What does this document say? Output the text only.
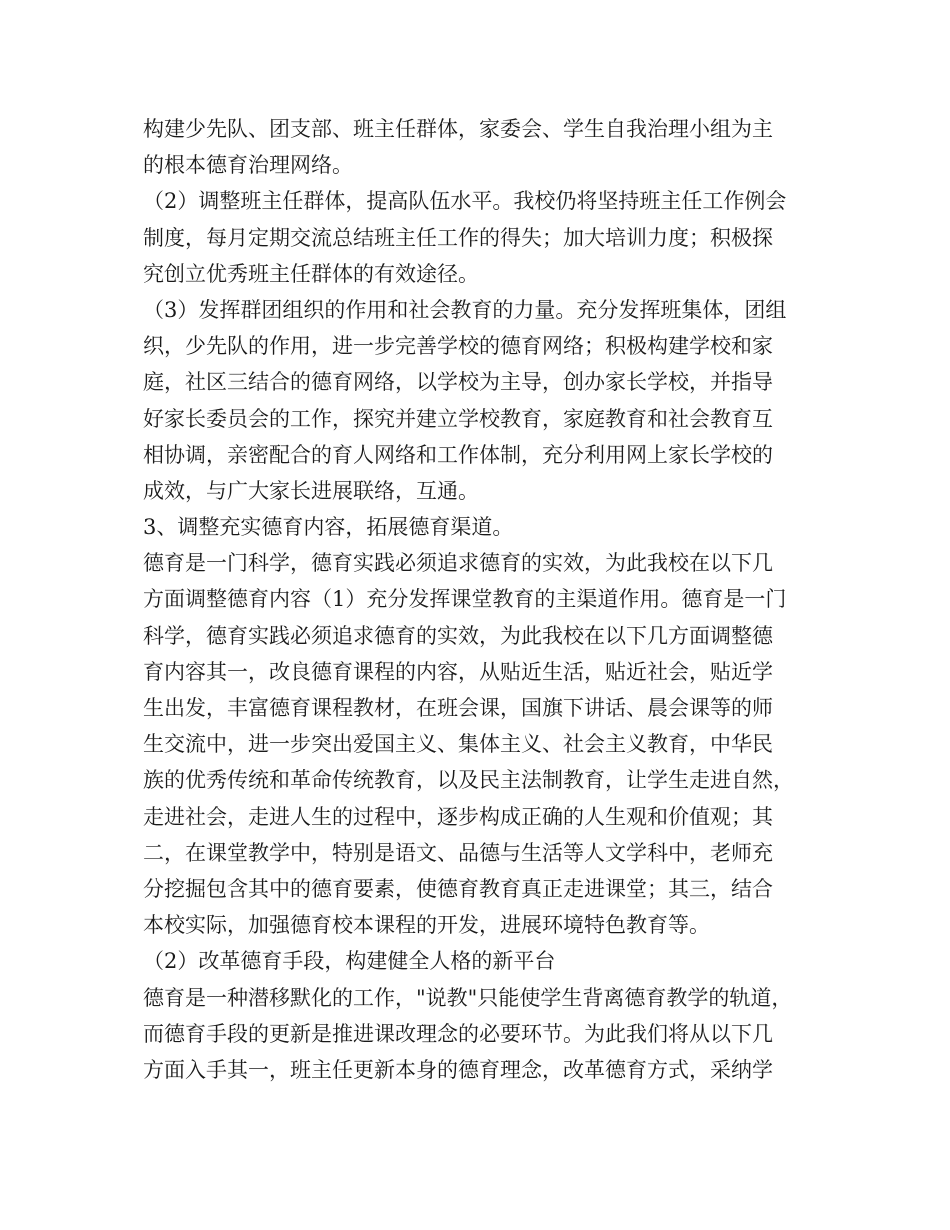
构建少先队、团支部、班主任群体，家委会、学生自我治理小组为主
的根本德育治理网络。
（2）调整班主任群体，提高队伍水平。我校仍将坚持班主任工作例会
制度，每月定期交流总结班主任工作的得失；加大培训力度；积极探
究创立优秀班主任群体的有效途径。
（3）发挥群团组织的作用和社会教育的力量。充分发挥班集体，团组
织，少先队的作用，进一步完善学校的德育网络；积极构建学校和家
庭，社区三结合的德育网络，以学校为主导，创办家长学校，并指导
好家长委员会的工作，探究并建立学校教育，家庭教育和社会教育互
相协调，亲密配合的育人网络和工作体制，充分利用网上家长学校的
成效，与广大家长进展联络，互通。
3、调整充实德育内容，拓展德育渠道。
德育是一门科学，德育实践必须追求德育的实效，为此我校在以下几
方面调整德育内容（1）充分发挥课堂教育的主渠道作用。德育是一门
科学，德育实践必须追求德育的实效，为此我校在以下几方面调整德
育内容其一，改良德育课程的内容，从贴近生活，贴近社会，贴近学
生出发，丰富德育课程教材，在班会课，国旗下讲话、晨会课等的师
生交流中，进一步突出爱国主义、集体主义、社会主义教育，中华民
族的优秀传统和革命传统教育，以及民主法制教育，让学生走进自然，
走进社会，走进人生的过程中，逐步构成正确的人生观和价值观；其
二，在课堂教学中，特别是语文、品德与生活等人文学科中，老师充
分挖掘包含其中的德育要素，使德育教育真正走进课堂；其三，结合
本校实际，加强德育校本课程的开发，进展环境特色教育等。
（2）改革德育手段，构建健全人格的新平台
德育是一种潜移默化的工作，"说教"只能使学生背离德育教学的轨道，
而德育手段的更新是推进课改理念的必要环节。为此我们将从以下几
方面入手其一，班主任更新本身的德育理念，改革德育方式，采纳学
